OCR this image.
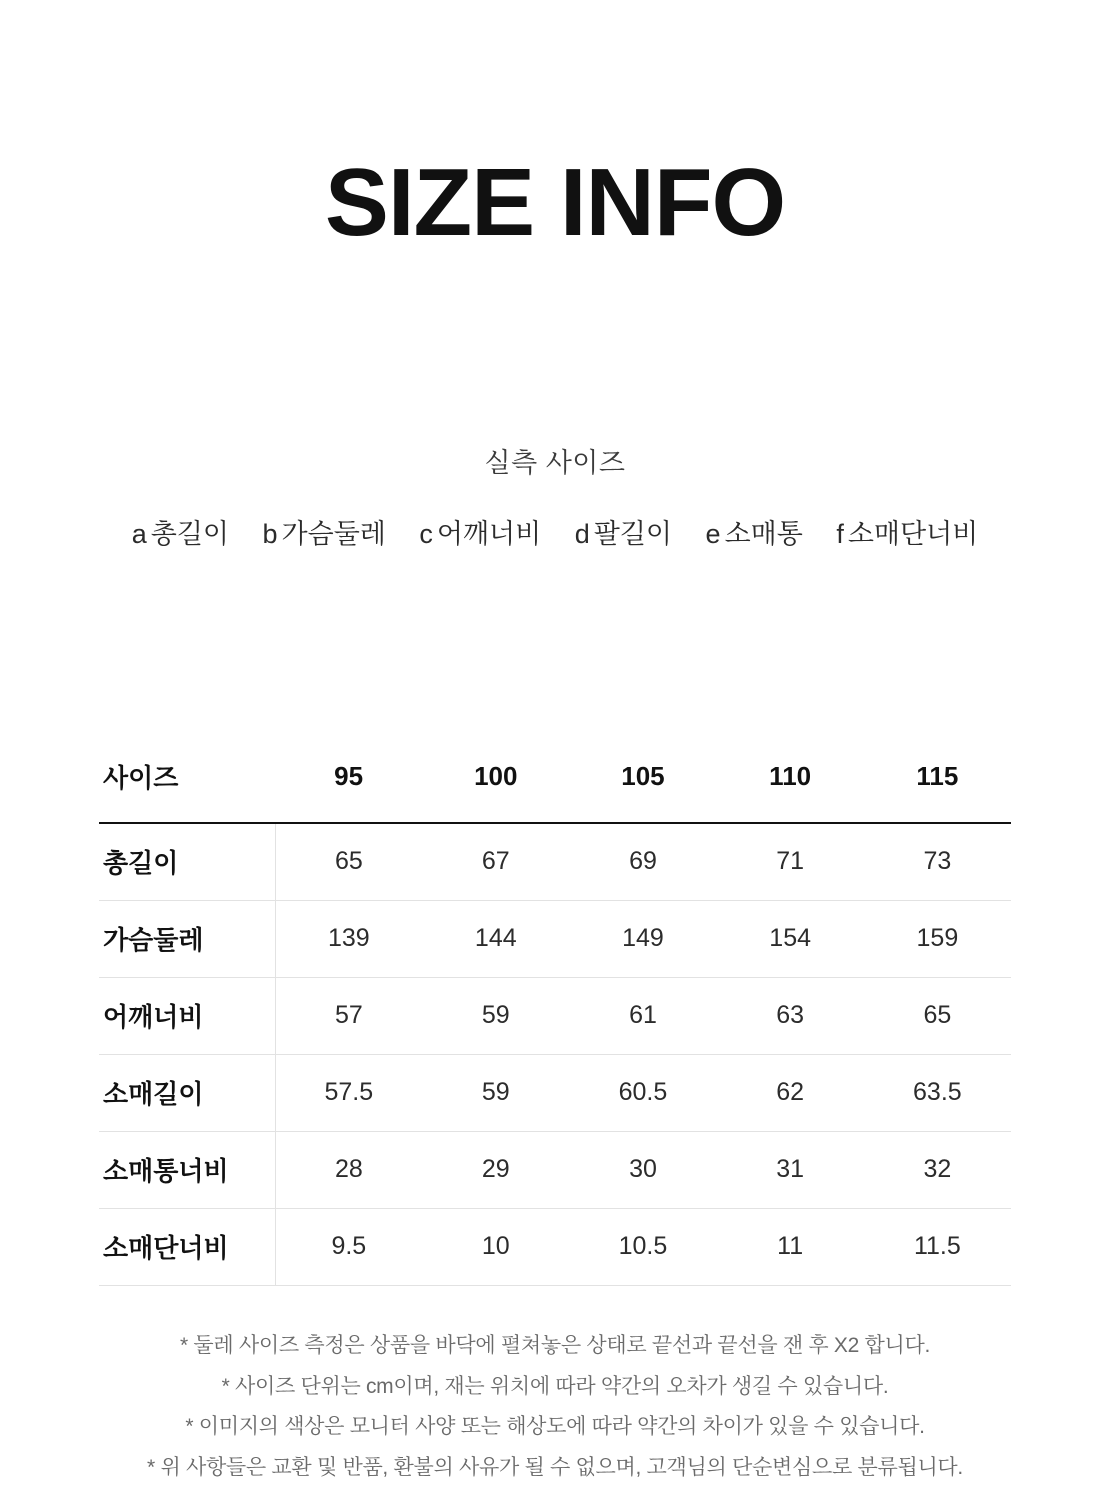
SIZE INFO
실측 사이즈
a 총길이 b 가슴둘레 c 어깨너비 d 팔길이 e 소매통 f 소매단너비
사이즈	95	100	105	110	115
총길이	65	67	69	71	73
가슴둘레	139	144	149	154	159
어깨너비	57	59	61	63	65
소매길이	57.5	59	60.5	62	63.5
소매통너비	28	29	30	31	32
소매단너비	9.5	10	10.5	11	11.5
* 둘레 사이즈 측정은 상품을 바닥에 펼쳐놓은 상태로 끝선과 끝선을 잰 후 X2 합니다.
* 사이즈 단위는 cm이며, 재는 위치에 따라 약간의 오차가 생길 수 있습니다.
* 이미지의 색상은 모니터 사양 또는 해상도에 따라 약간의 차이가 있을 수 있습니다.
* 위 사항들은 교환 및 반품, 환불의 사유가 될 수 없으며, 고객님의 단순변심으로 분류됩니다.
